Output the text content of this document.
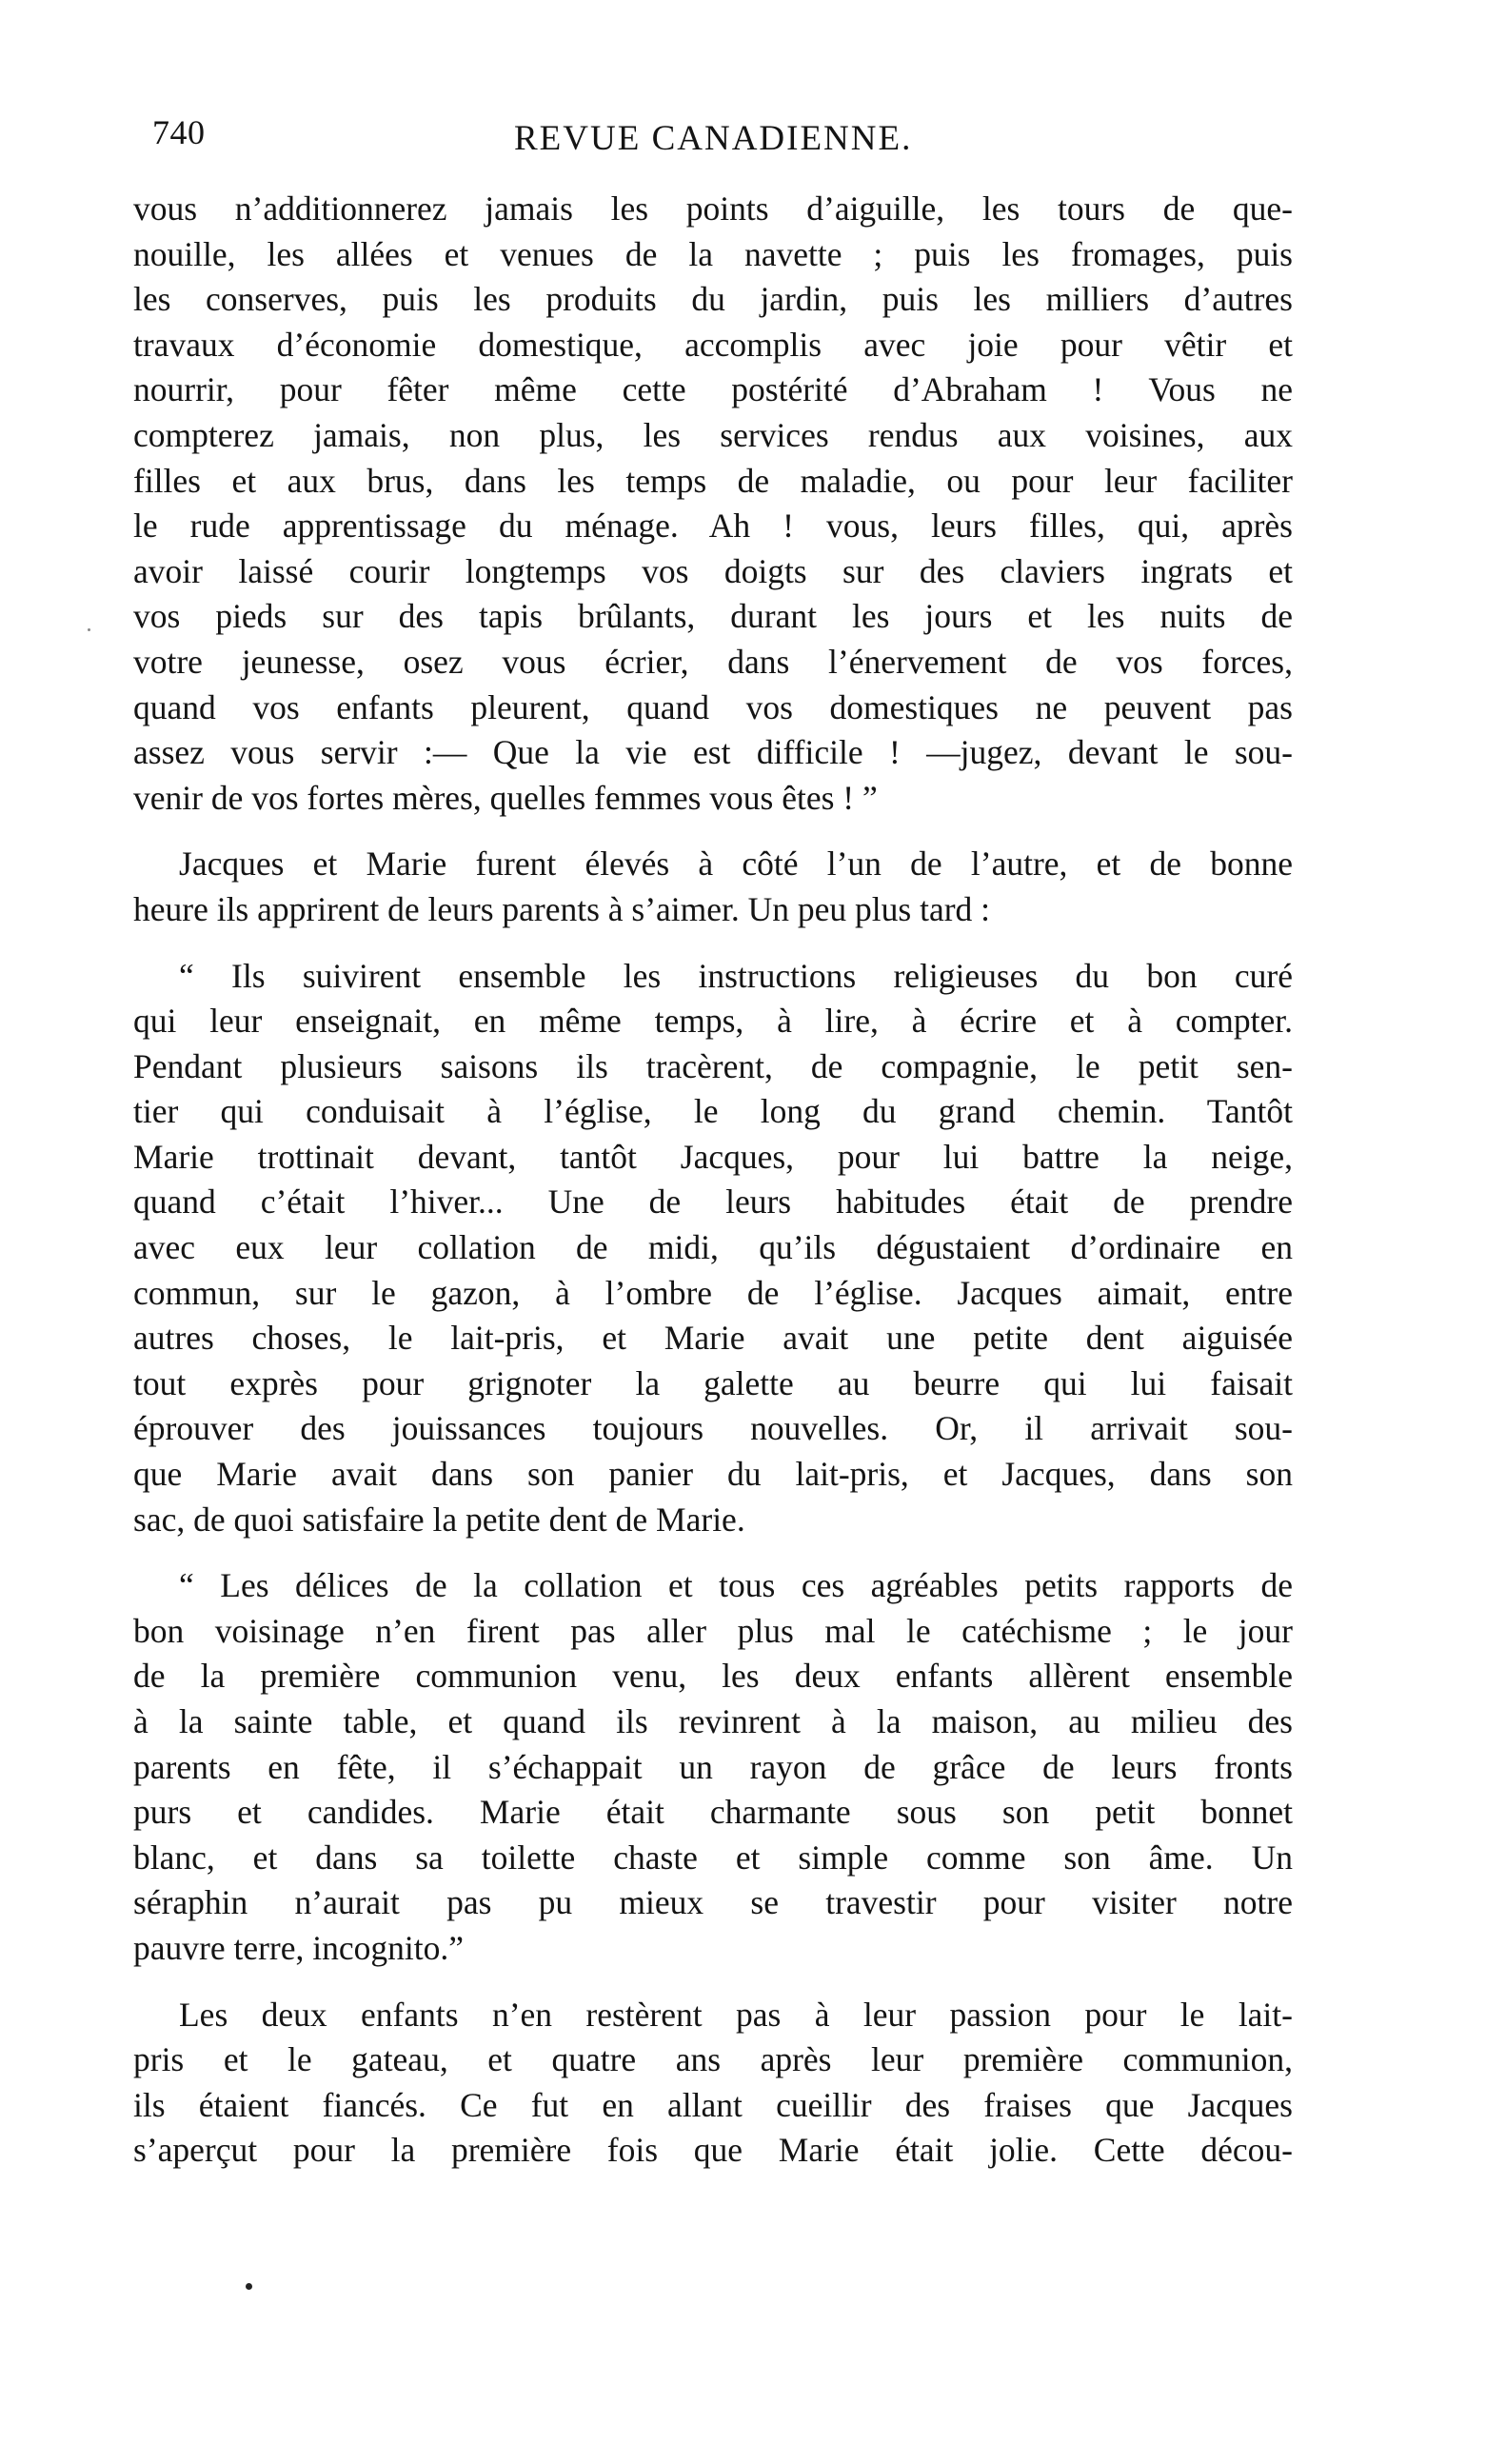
740	REVUE CANADIENNE.

vous n’additionnerez jamais les points d’aiguille, les tours de que-
nouille, les allées et venues de la navette ; puis les fromages, puis
les conserves, puis les produits du jardin, puis les milliers d’autres
travaux d’économie domestique, accomplis avec joie pour vêtir et
nourrir, pour fêter même cette postérité d’Abraham ! Vous ne
compterez jamais, non plus, les services rendus aux voisines, aux
filles et aux brus, dans les temps de maladie, ou pour leur faciliter
le rude apprentissage du ménage. Ah ! vous, leurs filles, qui, après
avoir laissé courir longtemps vos doigts sur des claviers ingrats et
vos pieds sur des tapis brûlants, durant les jours et les nuits de
votre jeunesse, osez vous écrier, dans l’énervement de vos forces,
quand vos enfants pleurent, quand vos domestiques ne peuvent pas
assez vous servir :— Que la vie est difficile ! —jugez, devant le sou-
venir de vos fortes mères, quelles femmes vous êtes ! ”

Jacques et Marie furent élevés à côté l’un de l’autre, et de bonne
heure ils apprirent de leurs parents à s’aimer. Un peu plus tard :

“ Ils suivirent ensemble les instructions religieuses du bon curé
qui leur enseignait, en même temps, à lire, à écrire et à compter.
Pendant plusieurs saisons ils tracèrent, de compagnie, le petit sen-
tier qui conduisait à l’église, le long du grand chemin. Tantôt
Marie trottinait devant, tantôt Jacques, pour lui battre la neige,
quand c’était l’hiver... Une de leurs habitudes était de prendre
avec eux leur collation de midi, qu’ils dégustaient d’ordinaire en
commun, sur le gazon, à l’ombre de l’église. Jacques aimait, entre
autres choses, le lait-pris, et Marie avait une petite dent aiguisée
tout exprès pour grignoter la galette au beurre qui lui faisait
éprouver des jouissances toujours nouvelles. Or, il arrivait sou-
que Marie avait dans son panier du lait-pris, et Jacques, dans son
sac, de quoi satisfaire la petite dent de Marie.

“ Les délices de la collation et tous ces agréables petits rapports de
bon voisinage n’en firent pas aller plus mal le catéchisme ; le jour
de la première communion venu, les deux enfants allèrent ensemble
à la sainte table, et quand ils revinrent à la maison, au milieu des
parents en fête, il s’échappait un rayon de grâce de leurs fronts
purs et candides. Marie était charmante sous son petit bonnet
blanc, et dans sa toilette chaste et simple comme son âme. Un
séraphin n’aurait pas pu mieux se travestir pour visiter notre
pauvre terre, incognito.”

Les deux enfants n’en restèrent pas à leur passion pour le lait-
pris et le gateau, et quatre ans après leur première communion,
ils étaient fiancés. Ce fut en allant cueillir des fraises que Jacques
s’aperçut pour la première fois que Marie était jolie. Cette décou-
